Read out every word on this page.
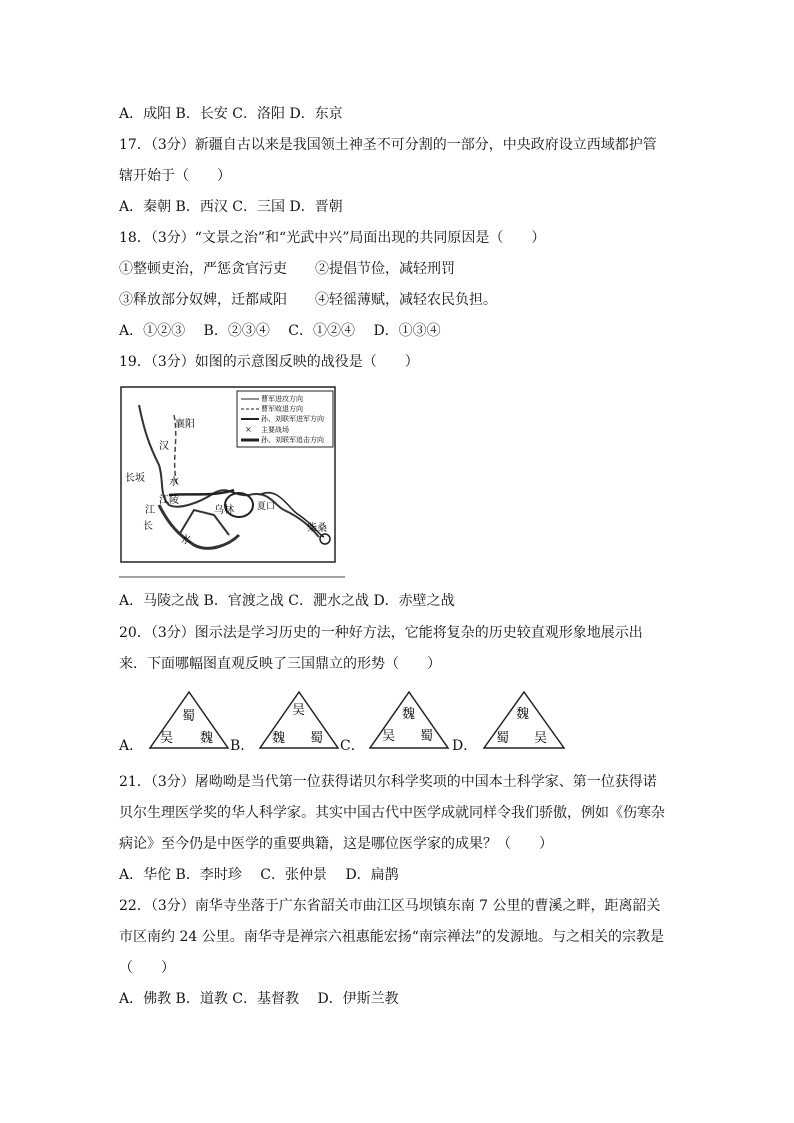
A．成阳 B．长安 C．洛阳 D．东京
17．（3分）新疆自古以来是我国领土神圣不可分割的一部分，中央政府设立西域都护管
辖开始于（　　）
A．秦朝 B．西汉 C．三国 D．晋朝
18．（3分）“文景之治”和“光武中兴”局面出现的共同原因是（　　）
①整顿吏治，严惩贪官污吏　　②提倡节俭，减轻刑罚
③释放部分奴婢，迁都咸阳　　④轻徭薄赋，减轻农民负担。
A．①②③　 B．②③④　 C．①②④　 D．①③④
19．（3分）如图的示意图反映的战役是（　　）
×
曹军进攻方向
曹军败退方向
孙、刘联军进军方向
主要战场
孙、刘联军追击方向
襄阳
汉
水
长坂
江
江陵
乌林	夏口
柴桑
长
水
A．马陵之战 B．官渡之战 C．淝水之战 D．赤壁之战
20．（3分）图示法是学习历史的一种好方法，它能将复杂的历史较直观形象地展示出
来．下面哪幅图直观反映了三国鼎立的形势（　　）
A．
蜀
吴 魏 B．
吴
魏 蜀 C．
魏
吴 蜀
D．
魏
蜀 吴
21．（3分）屠呦呦是当代第一位获得诺贝尔科学奖项的中国本土科学家、第一位获得诺
贝尔生理医学奖的华人科学家。其实中国古代中医学成就同样令我们骄傲，例如《伤寒杂
病论》至今仍是中医学的重要典籍，这是哪位医学家的成果？（　　）
A．华佗 B．李时珍　 C．张仲景　 D．扁鹊
22．（3分）南华寺坐落于广东省韶关市曲江区马坝镇东南 7 公里的曹溪之畔，距离韶关
市区南约 24 公里。南华寺是禅宗六祖惠能宏扬“南宗禅法”的发源地。与之相关的宗教是
（　　）
A．佛教 B．道教 C．基督教　 D．伊斯兰教
